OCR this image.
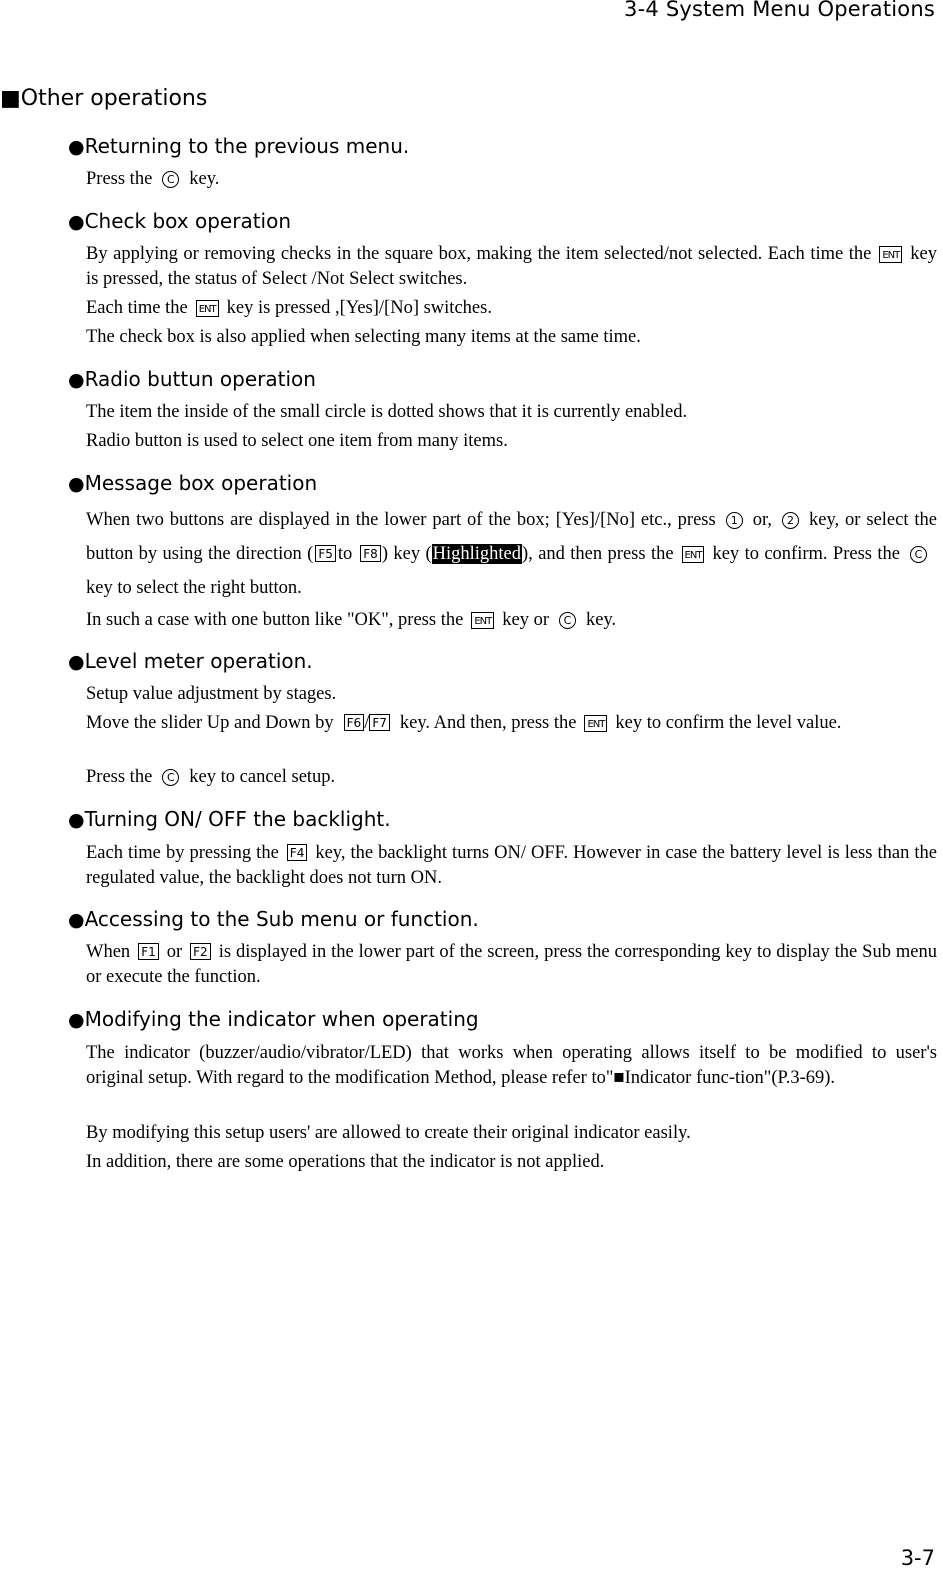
3-4 System Menu Operations
■Other operations
●Returning to the previous menu.

Press the C key.

●Check box operation

By applying or removing checks in the square box, making the item selected/not selected. Each time the ENT key is pressed, the status of Select /Not Select switches.

Each time the ENT key is pressed ,[Yes]/[No] switches.

The check box is also applied when selecting many items at the same time.

●Radio buttun operation

The item the inside of the small circle is dotted shows that it is currently enabled.

Radio button is used to select one item from many items.

●Message box operation

When two buttons are displayed in the lower part of the box; [Yes]/[No] etc., press 1 or, 2 key, or select the button by using the direction ( F5 to F8 ) key (Highlighted), and then press the ENT key to confirm. Press the Ckey to select the right button.

In such a case with one button like "OK", press the ENT key or C key.

●Level meter operation.

Setup value adjustment by stages.

Move the slider Up and Down by F6 / F7 key. And then, press the ENT key to confirm the level value.

Press the C key to cancel setup.

●Turning ON/ OFF the backlight.

Each time by pressing the F4 key, the backlight turns ON/ OFF. However in case the battery level is less than the regulated value, the backlight does not turn ON.

●Accessing to the Sub menu or function.

When F1 or F2 is displayed in the lower part of the screen, press the corresponding key to display the Sub menu or execute the function.

●Modifying the indicator when operating

The indicator (buzzer/audio/vibrator/LED) that works when operating allows itself to be modified to user's original setup. With regard to the modification Method, please refer to"■Indicator func-tion"(P.3-69).

By modifying this setup users' are allowed to create their original indicator easily.

In addition, there are some operations that the indicator is not applied.

3-7
